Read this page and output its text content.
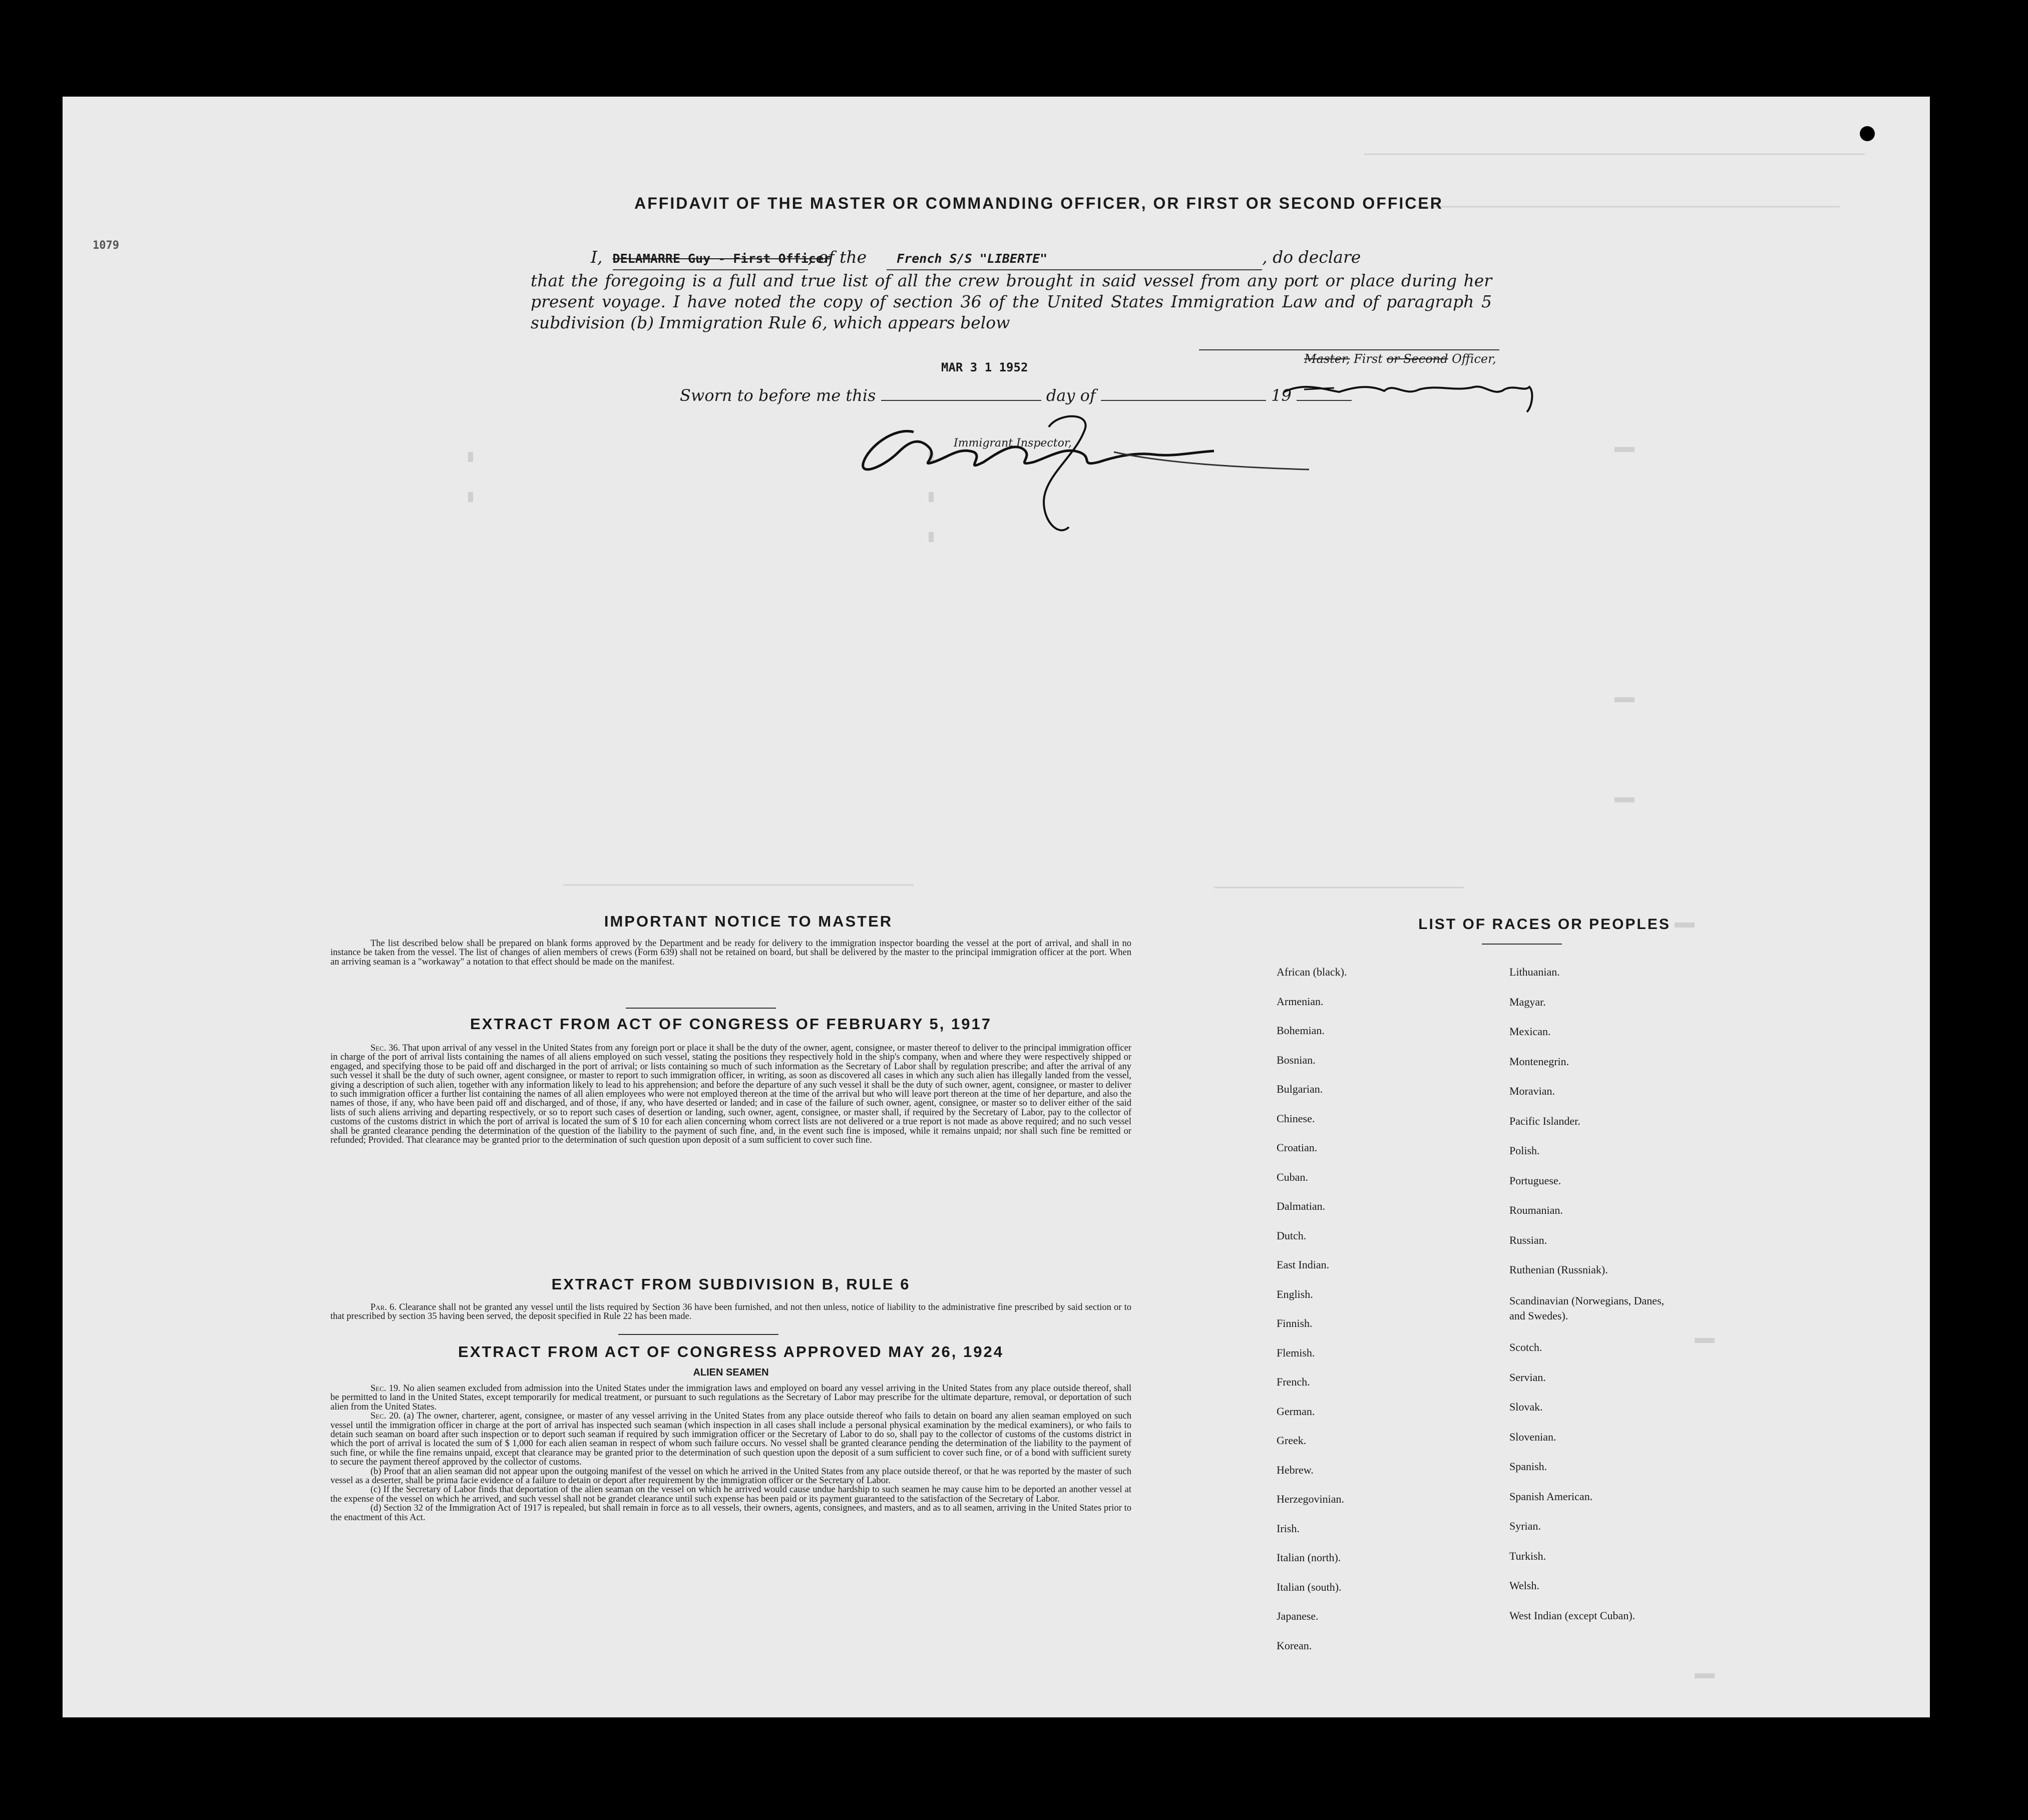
1079
AFFIDAVIT OF THE MASTER OR COMMANDING OFFICER, OR FIRST OR SECOND OFFICER
I, DELAMARRE Guy - First Officer
, of the	French S/S "LIBERTE"	, do declare
that the foregoing is a full and true list of all the crew brought in said vessel from any port or place during her present voyage. I have noted the copy of section 36 of the United States Immigration Law and of paragraph 5 subdivision (b) Immigration Rule 6, which appears below
MAR 3 1 1952
Master, First or Second Officer,
Sworn to before me this	day of	19
Immigrant Inspector,
IMPORTANT NOTICE TO MASTER
The list described below shall be prepared on blank forms approved by the Department and be ready for delivery to the immigration inspector boarding the vessel at the port of arrival, and shall in no instance be taken from the vessel. The list of changes of alien members of crews (Form 639) shall not be retained on board, but shall be delivered by the master to the principal immigration officer at the port. When an arriving seaman is a "workaway" a notation to that effect should be made on the manifest.
EXTRACT FROM ACT OF CONGRESS OF FEBRUARY 5, 1917
Sec. 36. That upon arrival of any vessel in the United States from any foreign port or place it shall be the duty of the owner, agent, consignee, or master thereof to deliver to the principal immigration officer in charge of the port of arrival lists containing the names of all aliens employed on such vessel, stating the positions they respectively hold in the ship's company, when and where they were respectively shipped or engaged, and specifying those to be paid off and discharged in the port of arrival; or lists containing so much of such information as the Secretary of Labor shall by regulation prescribe; and after the arrival of any such vessel it shall be the duty of such owner, agent consignee, or master to report to such immigration officer, in writing, as soon as discovered all cases in which any such alien has illegally landed from the vessel, giving a description of such alien, together with any information likely to lead to his apprehension; and before the departure of any such vessel it shall be the duty of such owner, agent, consignee, or master to deliver to such immigration officer a further list containing the names of all alien employees who were not employed thereon at the time of the arrival but who will leave port thereon at the time of her departure, and also the names of those, if any, who have been paid off and discharged, and of those, if any, who have deserted or landed; and in case of the failure of such owner, agent, consignee, or master so to deliver either of the said lists of such aliens arriving and departing respectively, or so to report such cases of desertion or landing, such owner, agent, consignee, or master shall, if required by the Secretary of Labor, pay to the collector of customs of the customs district in which the port of arrival is located the sum of $ 10 for each alien concerning whom correct lists are not delivered or a true report is not made as above required; and no such vessel shall be granted clearance pending the determination of the question of the liability to the payment of such fine, and, in the event such fine is imposed, while it remains unpaid; nor shall such fine be remitted or refunded; Provided. That clearance may be granted prior to the determination of such question upon deposit of a sum sufficient to cover such fine.
EXTRACT FROM SUBDIVISION B, RULE 6
Par. 6. Clearance shall not be granted any vessel until the lists required by Section 36 have been furnished, and not then unless, notice of liability to the administrative fine prescribed by said section or to that prescribed by section 35 having been served, the deposit specified in Rule 22 has been made.
EXTRACT FROM ACT OF CONGRESS APPROVED MAY 26, 1924
ALIEN SEAMEN
Sec. 19. No alien seamen excluded from admission into the United States under the immigration laws and employed on board any vessel arriving in the United States from any place outside thereof, shall be permitted to land in the United States, except temporarily for medical treatment, or pursuant to such regulations as the Secretary of Labor may prescribe for the ultimate departure, removal, or deportation of such alien from the United States.
Sec. 20. (a) The owner, charterer, agent, consignee, or master of any vessel arriving in the United States from any place outside thereof who fails to detain on board any alien seaman employed on such vessel until the immigration officer in charge at the port of arrival has inspected such seaman (which inspection in all cases shall include a personal physical examination by the medical examiners), or who fails to detain such seaman on board after such inspection or to deport such seaman if required by such immigration officer or the Secretary of Labor to do so, shall pay to the collector of customs of the customs district in which the port of arrival is located the sum of $ 1,000 for each alien seaman in respect of whom such failure occurs. No vessel shall be granted clearance pending the determination of the liability to the payment of such fine, or while the fine remains unpaid, except that clearance may be granted prior to the determination of such question upon the deposit of a sum sufficient to cover such fine, or of a bond with sufficient surety to secure the payment thereof approved by the collector of customs.
(b) Proof that an alien seaman did not appear upon the outgoing manifest of the vessel on which he arrived in the United States from any place outside thereof, or that he was reported by the master of such vessel as a deserter, shall be prima facie evidence of a failure to detain or deport after requirement by the immigration officer or the Secretary of Labor.
(c) If the Secretary of Labor finds that deportation of the alien seaman on the vessel on which he arrived would cause undue hardship to such seamen he may cause him to be deported an another vessel at the expense of the vessel on which he arrived, and such vessel shall not be grandet clearance until such expense has been paid or its payment guaranteed to the satisfaction of the Secretary of Labor.
(d) Section 32 of the Immigration Act of 1917 is repealed, but shall remain in force as to all vessels, their owners, agents, consignees, and masters, and as to all seamen, arriving in the United States prior to the enactment of this Act.
LIST OF RACES OR PEOPLES
African (black).
Armenian.
Bohemian.
Bosnian.
Bulgarian.
Chinese.
Croatian.
Cuban.
Dalmatian.
Dutch.
East Indian.
English.
Finnish.
Flemish.
French.
German.
Greek.
Hebrew.
Herzegovinian.
Irish.
Italian (north).
Italian (south).
Japanese.
Korean.
Lithuanian.
Magyar.
Mexican.
Montenegrin.
Moravian.
Pacific Islander.
Polish.
Portuguese.
Roumanian.
Russian.
Ruthenian (Russniak).
Scandinavian (Norwegians, Danes, and Swedes).
Scotch.
Servian.
Slovak.
Slovenian.
Spanish.
Spanish American.
Syrian.
Turkish.
Welsh.
West Indian (except Cuban).
